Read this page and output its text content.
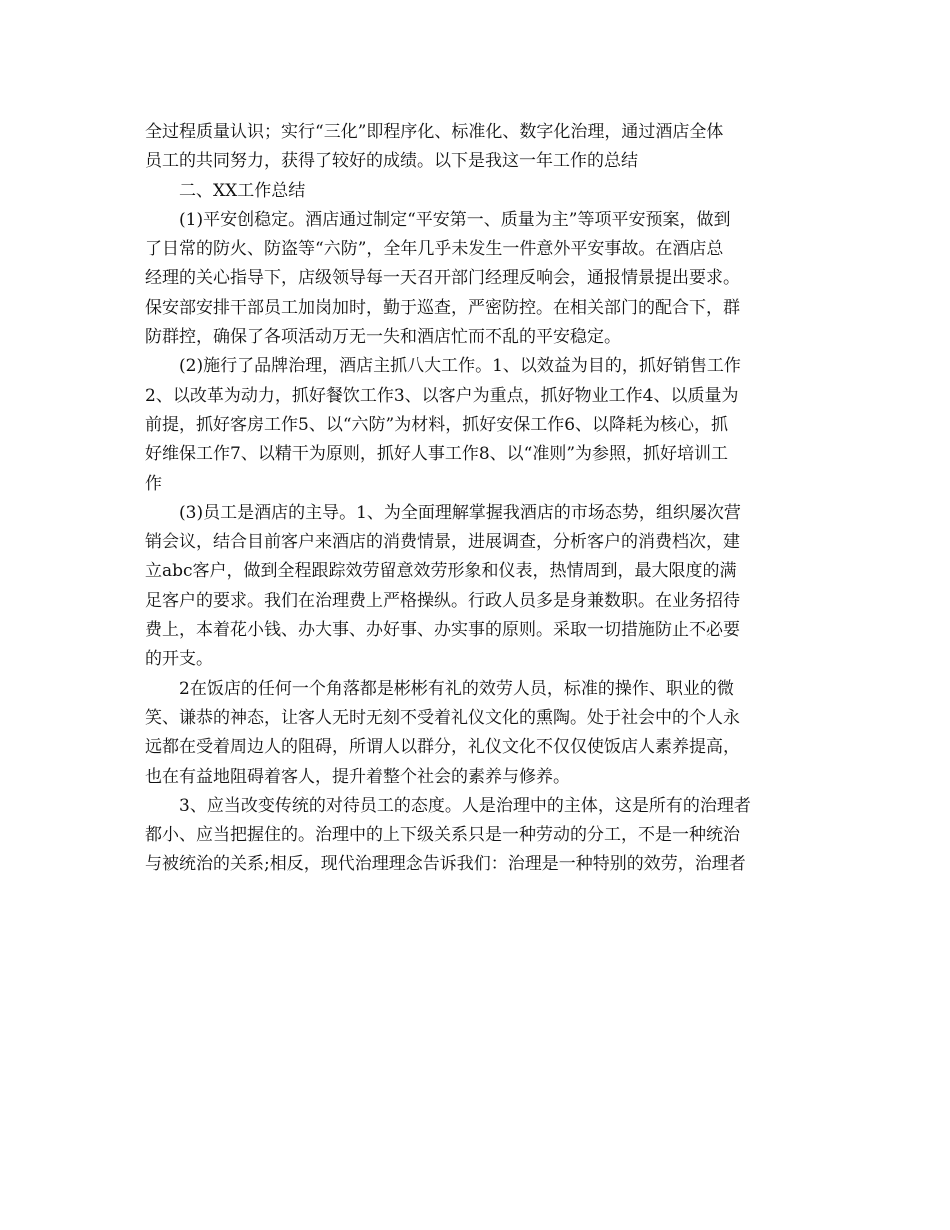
全过程质量认识；实行“三化”即程序化、标准化、数字化治理，通过酒店全体
员工的共同努力，获得了较好的成绩。以下是我这一年工作的总结
二、XX工作总结
(1)平安创稳定。酒店通过制定“平安第一、质量为主”等项平安预案，做到
了日常的防火、防盗等“六防”，全年几乎未发生一件意外平安事故。在酒店总
经理的关心指导下，店级领导每一天召开部门经理反响会，通报情景提出要求。
保安部安排干部员工加岗加时，勤于巡查，严密防控。在相关部门的配合下，群
防群控，确保了各项活动万无一失和酒店忙而不乱的平安稳定。
(2)施行了品牌治理，酒店主抓八大工作。1、以效益为目的，抓好销售工作
2、以改革为动力，抓好餐饮工作3、以客户为重点，抓好物业工作4、以质量为
前提，抓好客房工作5、以“六防”为材料，抓好安保工作6、以降耗为核心，抓
好维保工作7、以精干为原则，抓好人事工作8、以“准则”为参照，抓好培训工
作
(3)员工是酒店的主导。1、为全面理解掌握我酒店的市场态势，组织屡次营
销会议，结合目前客户来酒店的消费情景，进展调查，分析客户的消费档次，建
立abc客户，做到全程跟踪效劳留意效劳形象和仪表，热情周到，最大限度的满
足客户的要求。我们在治理费上严格操纵。行政人员多是身兼数职。在业务招待
费上，本着花小钱、办大事、办好事、办实事的原则。采取一切措施防止不必要
的开支。
2在饭店的任何一个角落都是彬彬有礼的效劳人员，标准的操作、职业的微
笑、谦恭的神态，让客人无时无刻不受着礼仪文化的熏陶。处于社会中的个人永
远都在受着周边人的阻碍，所谓人以群分，礼仪文化不仅仅使饭店人素养提高，
也在有益地阻碍着客人，提升着整个社会的素养与修养。
3、应当改变传统的对待员工的态度。人是治理中的主体，这是所有的治理者
都小、应当把握住的。治理中的上下级关系只是一种劳动的分工，不是一种统治
与被统治的关系;相反，现代治理理念告诉我们：治理是一种特别的效劳，治理者
